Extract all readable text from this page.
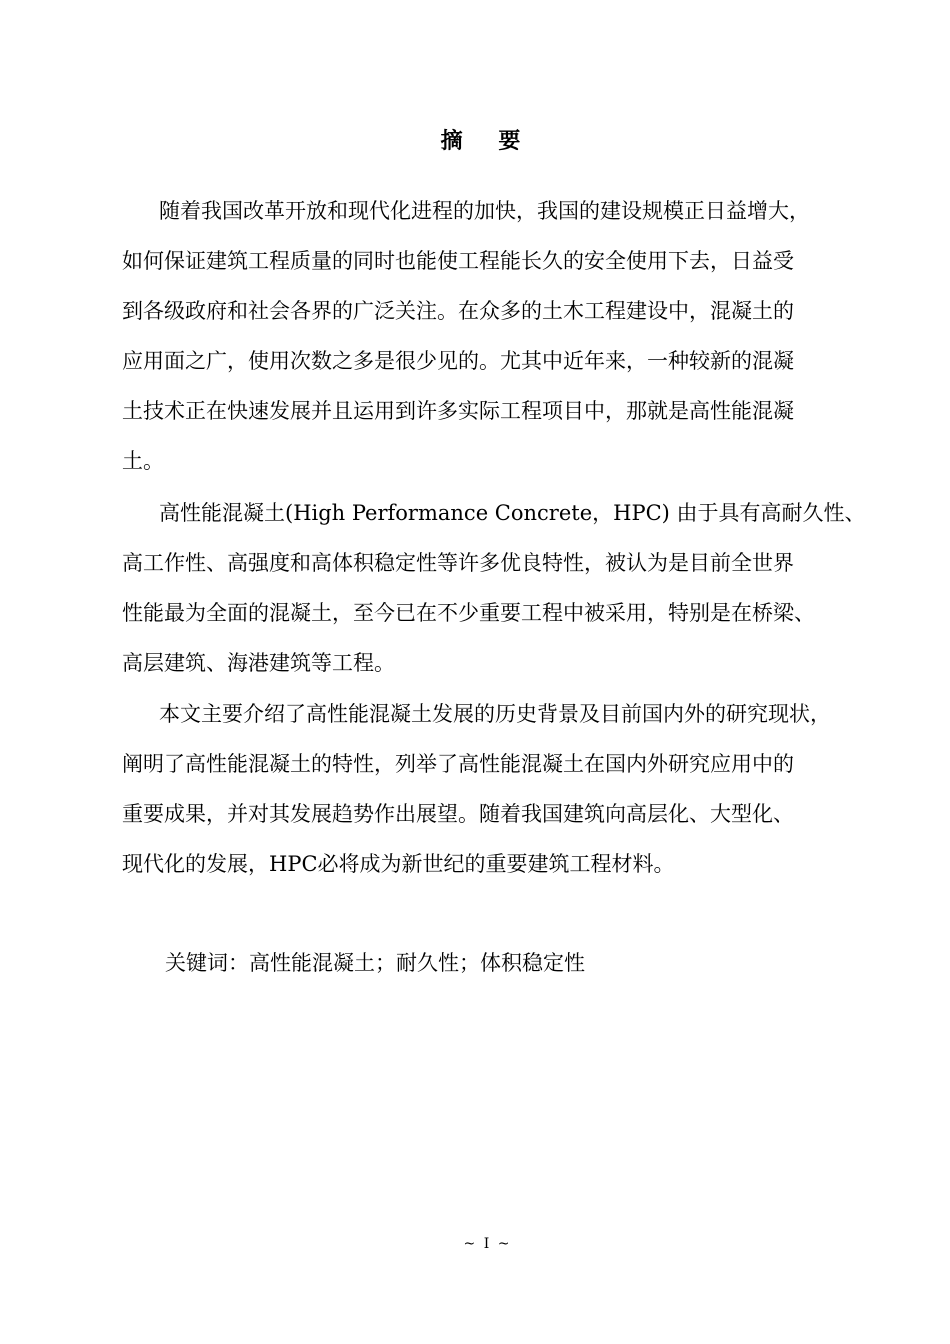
摘 要
随着我国改革开放和现代化进程的加快，我国的建设规模正日益增大，
如何保证建筑工程质量的同时也能使工程能长久的安全使用下去，日益受
到各级政府和社会各界的广泛关注。在众多的土木工程建设中，混凝土的
应用面之广，使用次数之多是很少见的。尤其中近年来，一种较新的混凝
土技术正在快速发展并且运用到许多实际工程项目中，那就是高性能混凝
土。
高性能混凝土(High Performance Concrete，HPC) 由于具有高耐久性、
高工作性、高强度和高体积稳定性等许多优良特性，被认为是目前全世界
性能最为全面的混凝土，至今已在不少重要工程中被采用，特别是在桥梁、
高层建筑、海港建筑等工程。
本文主要介绍了高性能混凝土发展的历史背景及目前国内外的研究现状，
阐明了高性能混凝土的特性，列举了高性能混凝土在国内外研究应用中的
重要成果，并对其发展趋势作出展望。随着我国建筑向高层化、大型化、
现代化的发展，HPC必将成为新世纪的重要建筑工程材料。
关键词：高性能混凝土；耐久性；体积稳定性
~ I ~
